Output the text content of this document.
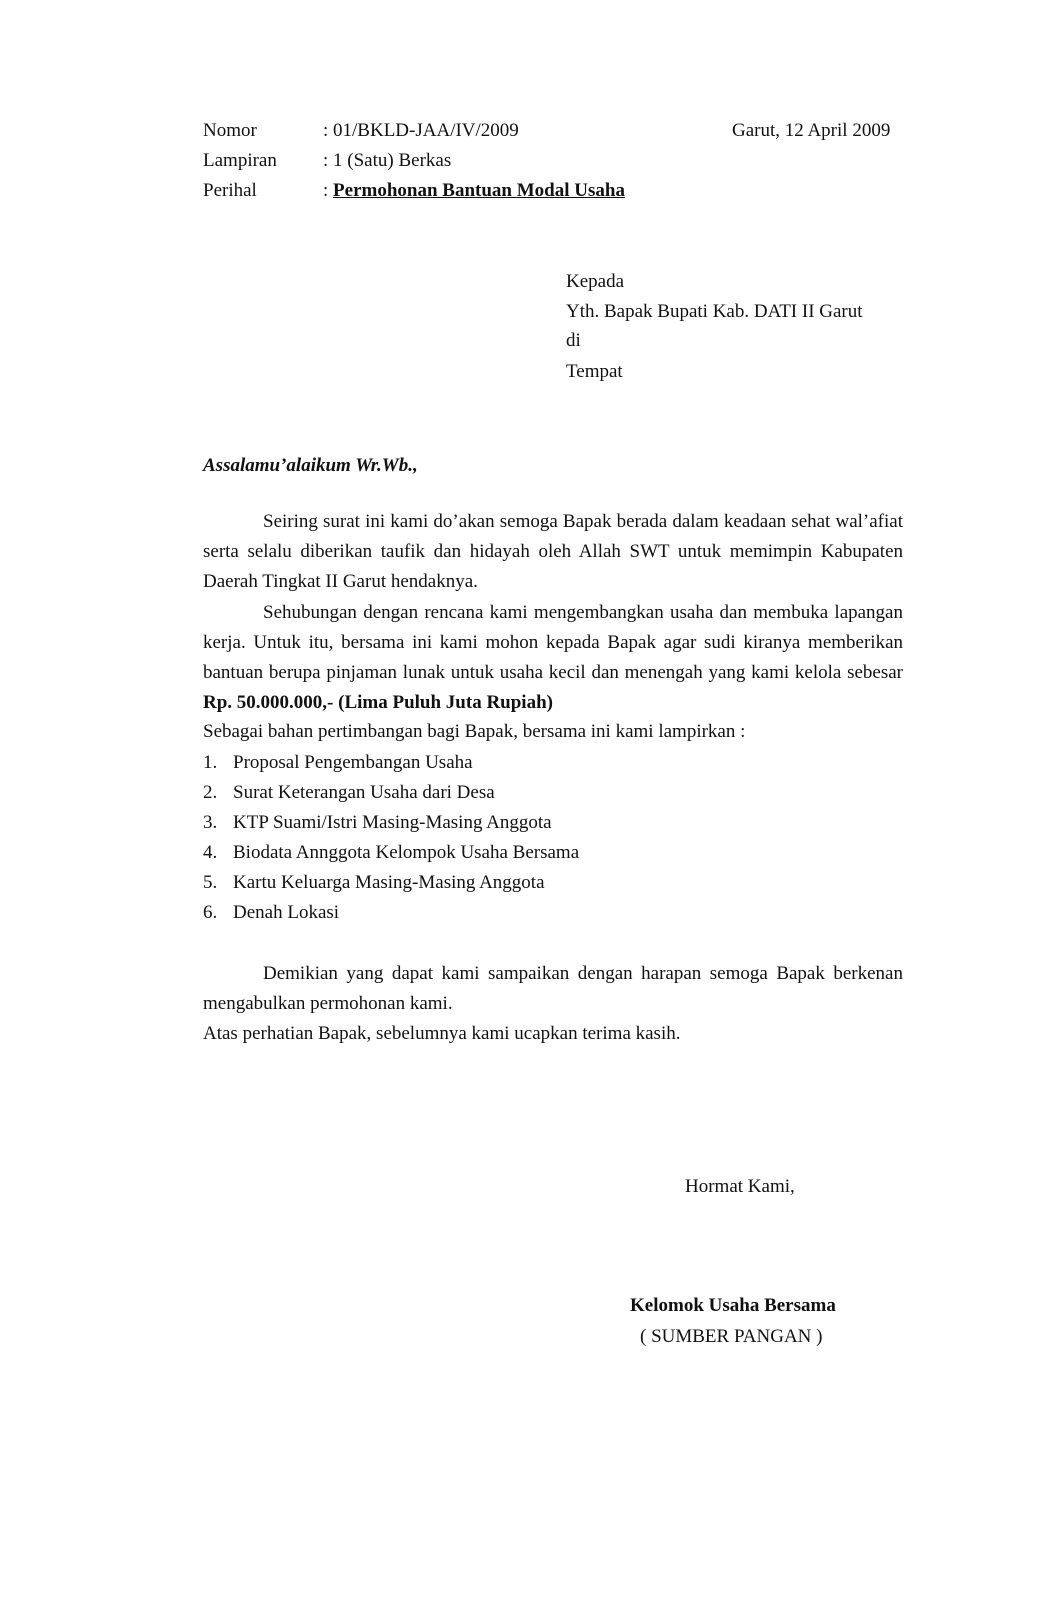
Nomor	: 01/BKLD-JAA/IV/2009	Garut, 12 April 2009
Lampiran : 1 (Satu) Berkas
Perihal	: Permohonan Bantuan Modal Usaha
Kepada
Yth. Bapak Bupati Kab. DATI II Garut
di
Tempat
Assalamu’alaikum Wr.Wb.,

Seiring surat ini kami do’akan semoga Bapak berada dalam keadaan sehat wal’afiat serta selalu diberikan taufik dan hidayah oleh Allah SWT untuk memimpin Kabupaten Daerah Tingkat II Garut hendaknya.

Sehubungan dengan rencana kami mengembangkan usaha dan membuka lapangan kerja. Untuk itu, bersama ini kami mohon kepada Bapak agar sudi kiranya memberikan bantuan berupa pinjaman lunak untuk usaha kecil dan menengah yang kami kelola sebesar Rp. 50.000.000,- (Lima Puluh Juta Rupiah)

Sebagai bahan pertimbangan bagi Bapak, bersama ini kami lampirkan :

1. Proposal Pengembangan Usaha
2. Surat Keterangan Usaha dari Desa
3. KTP Suami/Istri Masing-Masing Anggota
4. Biodata Annggota Kelompok Usaha Bersama
5. Kartu Keluarga Masing-Masing Anggota
6. Denah Lokasi

Demikian yang dapat kami sampaikan dengan harapan semoga Bapak berkenan mengabulkan permohonan kami.

Atas perhatian Bapak, sebelumnya kami ucapkan terima kasih.

Hormat Kami,
Kelomok Usaha Bersama
( SUMBER PANGAN )
